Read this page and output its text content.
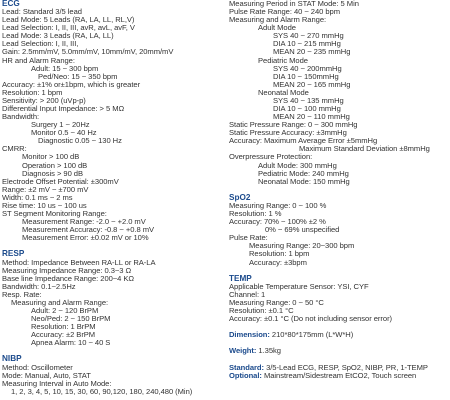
ECG
Lead: Standard 3/5 lead
Lead Mode: 5 Leads (RA, LA, LL, RL,V)
Lead Selection: I, II, III, avR, avL, avF, V
Lead Mode: 3 Leads (RA, LA, LL)
Lead Selection: I, II, III,
Gain: 2.5mm/mV, 5.0mm/mV, 10mm/mV, 20mm/mV
HR and Alarm Range:
Adult: 15 ~ 300 bpm
Ped/Neo: 15 ~ 350 bpm
Accuracy: ±1% or±1bpm, which is greater
Resolution: 1 bpm
Sensitivity: > 200 (uVp-p)
Differential Input Impedance: > 5 MΩ
Bandwidth:
Surgery 1 ~ 20Hz
Monitor 0.5 ~ 40 Hz
Diagnostic 0.05 ~ 130 Hz
CMRR:
Monitor > 100 dB
Operation > 100 dB
Diagnosis > 90 dB
Electrode Offset Potential: ±300mV
Range: ±2 mV ~ ±700 mV
Width: 0.1 ms ~ 2 ms
Rise time: 10 us ~ 100 us
ST Segment Monitoring Range:
Measurement Range: -2.0 ~ +2.0 mV
Measurement Accuracy: -0.8 ~ +0.8 mV
Measurement Error: ±0.02 mV or 10%
RESP
Method: Impedance Between RA-LL or RA-LA
Measuring Impedance Range: 0.3~3 Ω
Base line Impedance Range: 200~4 KΩ
Bandwidth: 0.1~2.5Hz
Resp. Rate:
Measuring and Alarm Range:
Adult: 2 ~ 120 BrPM
Neo/Ped: 2 ~ 150 BrPM
Resolution: 1 BrPM
Accuracy: ±2 BrPM
Apnea Alarm: 10 ~ 40 S
NIBP
Method: Oscillometer
Mode: Manual, Auto, STAT
Measuring Interval in Auto Mode:
1, 2, 3, 4, 5, 10, 15, 30, 60, 90,120, 180, 240,480 (Min)
Measuring Period in STAT Mode: 5 Min
Pulse Rate Range: 40 ~ 240 bpm
Measuring and Alarm Range:
Adult Mode
SYS 40 ~ 270 mmHg
DIA 10 ~ 215 mmHg
MEAN 20 ~ 235 mmHg
Pediatric Mode
SYS 40 ~ 200mmHg
DIA 10 ~ 150mmHg
MEAN 20 ~ 165 mmHg
Neonatal Mode
SYS 40 ~ 135 mmHg
DIA 10 ~ 100 mmHg
MEAN 20 ~ 110 mmHg
Static Pressure Range: 0 ~ 300 mmHg
Static Pressure Accuracy: ±3mmHg
Accuracy: Maximum Average Error ±5mmHg
Maximum Standard Deviation ±8mmHg
Overpressure Protection:
Adult Mode: 300 mmHg
Pediatric Mode: 240 mmHg
Neonatal Mode: 150 mmHg
SpO2
Measuring Range: 0 ~ 100 %
Resolution: 1 %
Accuracy: 70% ~ 100% ±2 %
0% ~ 69% unspecified
Pulse Rate:
Measuring Range: 20~300 bpm
Resolution: 1 bpm
Accuracy: ±3bpm
TEMP
Applicable Temperature Sensor: YSI, CYF
Channel: 1
Measuring Range: 0 ~ 50 °C
Resolution: ±0.1 °C
Accuracy: ±0.1 °C (Do not including sensor error)
Dimension: 210*80*175mm (L*W*H)
Weight: 1.35kg
Standard: 3/5-Lead ECG, RESP, SpO2, NIBP, PR, 1-TEMP
Optional: Mainstream/Sidestream EtCO2, Touch screen
